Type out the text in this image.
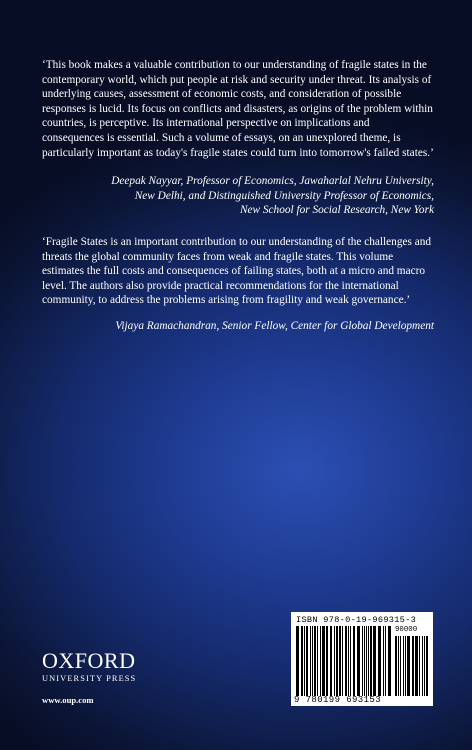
‘This book makes a valuable contribution to our understanding of fragile states in the contemporary world, which put people at risk and security under threat. Its analysis of underlying causes, assessment of economic costs, and consideration of possible responses is lucid. Its focus on conflicts and disasters, as origins of the problem within countries, is perceptive. Its international perspective on implications and consequences is essential. Such a volume of essays, on an unexplored theme, is particularly important as today's fragile states could turn into tomorrow's failed states.’

Deepak Nayyar, Professor of Economics, Jawaharlal Nehru University,
New Delhi, and Distinguished University Professor of Economics,
New School for Social Research, New York

‘Fragile States is an important contribution to our understanding of the challenges and threats the global community faces from weak and fragile states. This volume estimates the full costs and consequences of failing states, both at a micro and macro level. The authors also provide practical recommendations for the international community, to address the problems arising from fragility and weak governance.’

Vijaya Ramachandran, Senior Fellow, Center for Global Development
OXFORD
UNIVERSITY PRESS
www.oup.com
ISBN 978-0-19-969315-3
90000
9 780199 693153
